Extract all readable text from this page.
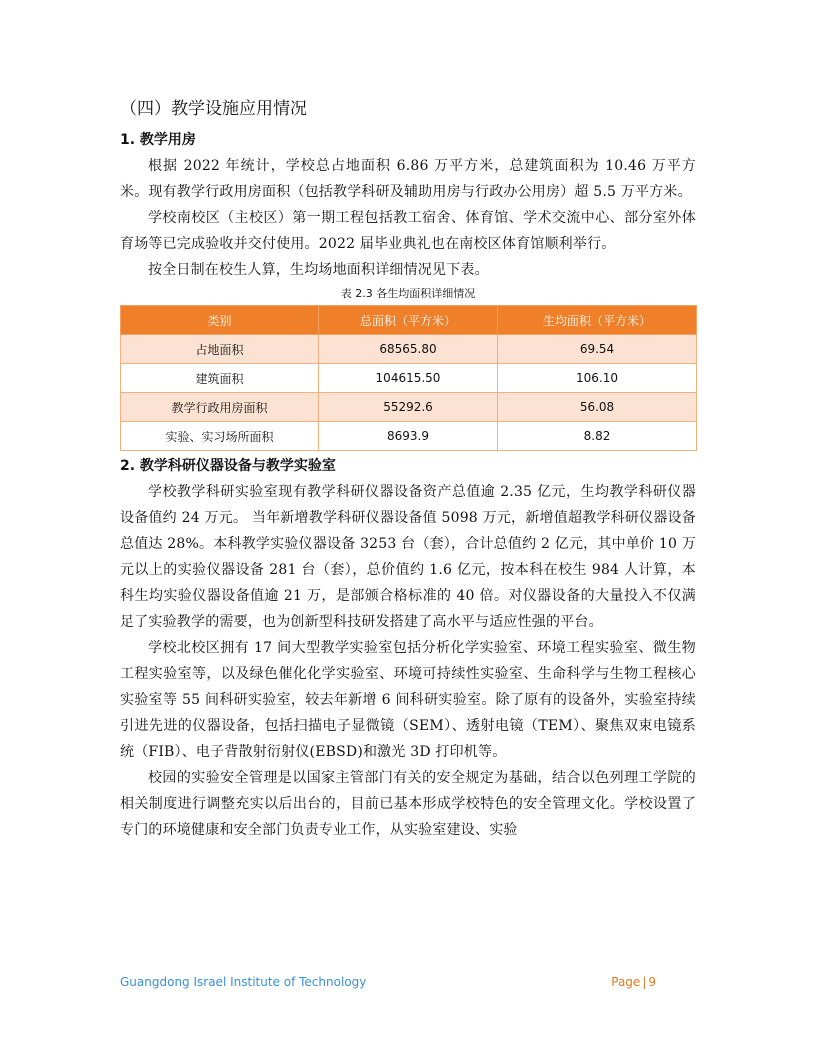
（四）教学设施应用情况
1. 教学用房

根据 2022 年统计，学校总占地面积 6.86 万平方米，总建筑面积为 10.46 万平方米。现有教学行政用房面积（包括教学科研及辅助用房与行政办公用房）超 5.5 万平方米。

学校南校区（主校区）第一期工程包括教工宿舍、体育馆、学术交流中心、部分室外体育场等已完成验收并交付使用。2022 届毕业典礼也在南校区体育馆顺利举行。

按全日制在校生人算，生均场地面积详细情况见下表。

表 2.3 各生均面积详细情况
类别	总面积（平方米）	生均面积（平方米）
占地面积	68565.80	69.54
建筑面积	104615.50	106.10
教学行政用房面积	55292.6	56.08
实验、实习场所面积	8693.9	8.82
2. 教学科研仪器设备与教学实验室

学校教学科研实验室现有教学科研仪器设备资产总值逾 2.35 亿元，生均教学科研仪器设备值约 24 万元。 当年新增教学科研仪器设备值 5098 万元，新增值超教学科研仪器设备总值达 28%。本科教学实验仪器设备 3253 台（套），合计总值约 2 亿元，其中单价 10 万元以上的实验仪器设备 281 台（套），总价值约 1.6 亿元，按本科在校生 984 人计算，本科生均实验仪器设备值逾 21 万，是部颁合格标准的 40 倍。对仪器设备的大量投入不仅满足了实验教学的需要，也为创新型科技研发搭建了高水平与适应性强的平台。

学校北校区拥有 17 间大型教学实验室包括分析化学实验室、环境工程实验室、微生物工程实验室等，以及绿色催化化学实验室、环境可持续性实验室、生命科学与生物工程核心实验室等 55 间科研实验室，较去年新增 6 间科研实验室。除了原有的设备外，实验室持续引进先进的仪器设备，包括扫描电子显微镜（SEM）、透射电镜（TEM）、聚焦双束电镜系统（FIB）、电子背散射衍射仪(EBSD)和激光 3D 打印机等。

校园的实验安全管理是以国家主管部门有关的安全规定为基础，结合以色列理工学院的相关制度进行调整充实以后出台的，目前已基本形成学校特色的安全管理文化。学校设置了专门的环境健康和安全部门负责专业工作，从实验室建设、实验

Guangdong Israel Institute of Technology	Page | 9
